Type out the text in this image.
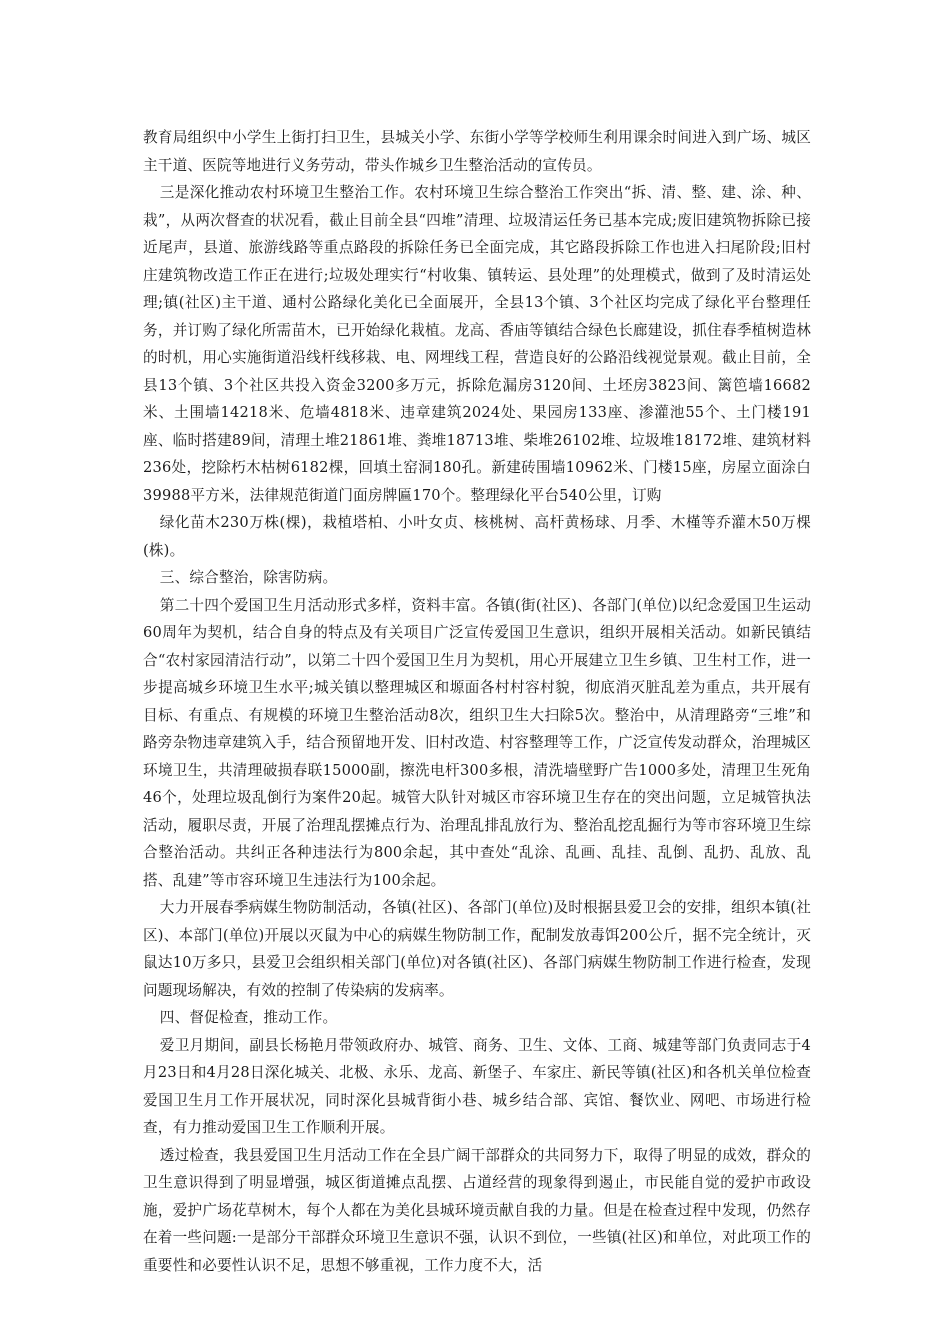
教育局组织中小学生上街打扫卫生，县城关小学、东街小学等学校师生利用课余时间进入到广场、城区主干道、医院等地进行义务劳动，带头作城乡卫生整治活动的宣传员。

三是深化推动农村环境卫生整治工作。农村环境卫生综合整治工作突出“拆、清、整、建、涂、种、栽”，从两次督查的状况看，截止目前全县“四堆”清理、垃圾清运任务已基本完成;废旧建筑物拆除已接近尾声，县道、旅游线路等重点路段的拆除任务已全面完成，其它路段拆除工作也进入扫尾阶段;旧村庄建筑物改造工作正在进行;垃圾处理实行“村收集、镇转运、县处理”的处理模式，做到了及时清运处理;镇(社区)主干道、通村公路绿化美化已全面展开，全县13个镇、3个社区均完成了绿化平台整理任务，并订购了绿化所需苗木，已开始绿化栽植。龙高、香庙等镇结合绿色长廊建设，抓住春季植树造林的时机，用心实施街道沿线杆线移栽、电、网埋线工程，营造良好的公路沿线视觉景观。截止目前，全县13个镇、3个社区共投入资金3200多万元，拆除危漏房3120间、土坯房3823间、篱笆墙16682米、土围墙14218米、危墙4818米、违章建筑2024处、果园房133座、渗灌池55个、土门楼191座、临时搭建89间，清理土堆21861堆、粪堆18713堆、柴堆26102堆、垃圾堆18172堆、建筑材料236处，挖除朽木枯树6182棵，回填土窑洞180孔。新建砖围墙10962米、门楼15座，房屋立面涂白39988平方米，法律规范街道门面房牌匾170个。整理绿化平台540公里，订购

绿化苗木230万株(棵)，栽植塔柏、小叶女贞、核桃树、高杆黄杨球、月季、木槿等乔灌木50万棵(株)。

三、综合整治，除害防病。

第二十四个爱国卫生月活动形式多样，资料丰富。各镇(街(社区)、各部门(单位)以纪念爱国卫生运动60周年为契机，结合自身的特点及有关项目广泛宣传爱国卫生意识，组织开展相关活动。如新民镇结合“农村家园清洁行动”，以第二十四个爱国卫生月为契机，用心开展建立卫生乡镇、卫生村工作，进一步提高城乡环境卫生水平;城关镇以整理城区和塬面各村村容村貌，彻底消灭脏乱差为重点，共开展有目标、有重点、有规模的环境卫生整治活动8次，组织卫生大扫除5次。整治中，从清理路旁“三堆”和路旁杂物违章建筑入手，结合预留地开发、旧村改造、村容整理等工作，广泛宣传发动群众，治理城区环境卫生，共清理破损春联15000副，擦洗电杆300多根，清洗墙壁野广告1000多处，清理卫生死角46个，处理垃圾乱倒行为案件20起。城管大队针对城区市容环境卫生存在的突出问题，立足城管执法活动，履职尽责，开展了治理乱摆摊点行为、治理乱排乱放行为、整治乱挖乱掘行为等市容环境卫生综合整治活动。共纠正各种违法行为800余起，其中查处“乱涂、乱画、乱挂、乱倒、乱扔、乱放、乱搭、乱建”等市容环境卫生违法行为100余起。

大力开展春季病媒生物防制活动，各镇(社区)、各部门(单位)及时根据县爱卫会的安排，组织本镇(社区)、本部门(单位)开展以灭鼠为中心的病媒生物防制工作，配制发放毒饵200公斤，据不完全统计，灭鼠达10万多只，县爱卫会组织相关部门(单位)对各镇(社区)、各部门病媒生物防制工作进行检查，发现问题现场解决，有效的控制了传染病的发病率。

四、督促检查，推动工作。

爱卫月期间，副县长杨艳月带领政府办、城管、商务、卫生、文体、工商、城建等部门负责同志于4月23日和4月28日深化城关、北极、永乐、龙高、新堡子、车家庄、新民等镇(社区)和各机关单位检查爱国卫生月工作开展状况，同时深化县城背街小巷、城乡结合部、宾馆、餐饮业、网吧、市场进行检查，有力推动爱国卫生工作顺利开展。

透过检查，我县爱国卫生月活动工作在全县广阔干部群众的共同努力下，取得了明显的成效，群众的卫生意识得到了明显增强，城区街道摊点乱摆、占道经营的现象得到遏止，市民能自觉的爱护市政设施，爱护广场花草树木，每个人都在为美化县城环境贡献自我的力量。但是在检查过程中发现，仍然存在着一些问题:一是部分干部群众环境卫生意识不强，认识不到位，一些镇(社区)和单位，对此项工作的重要性和必要性认识不足，思想不够重视，工作力度不大，活
